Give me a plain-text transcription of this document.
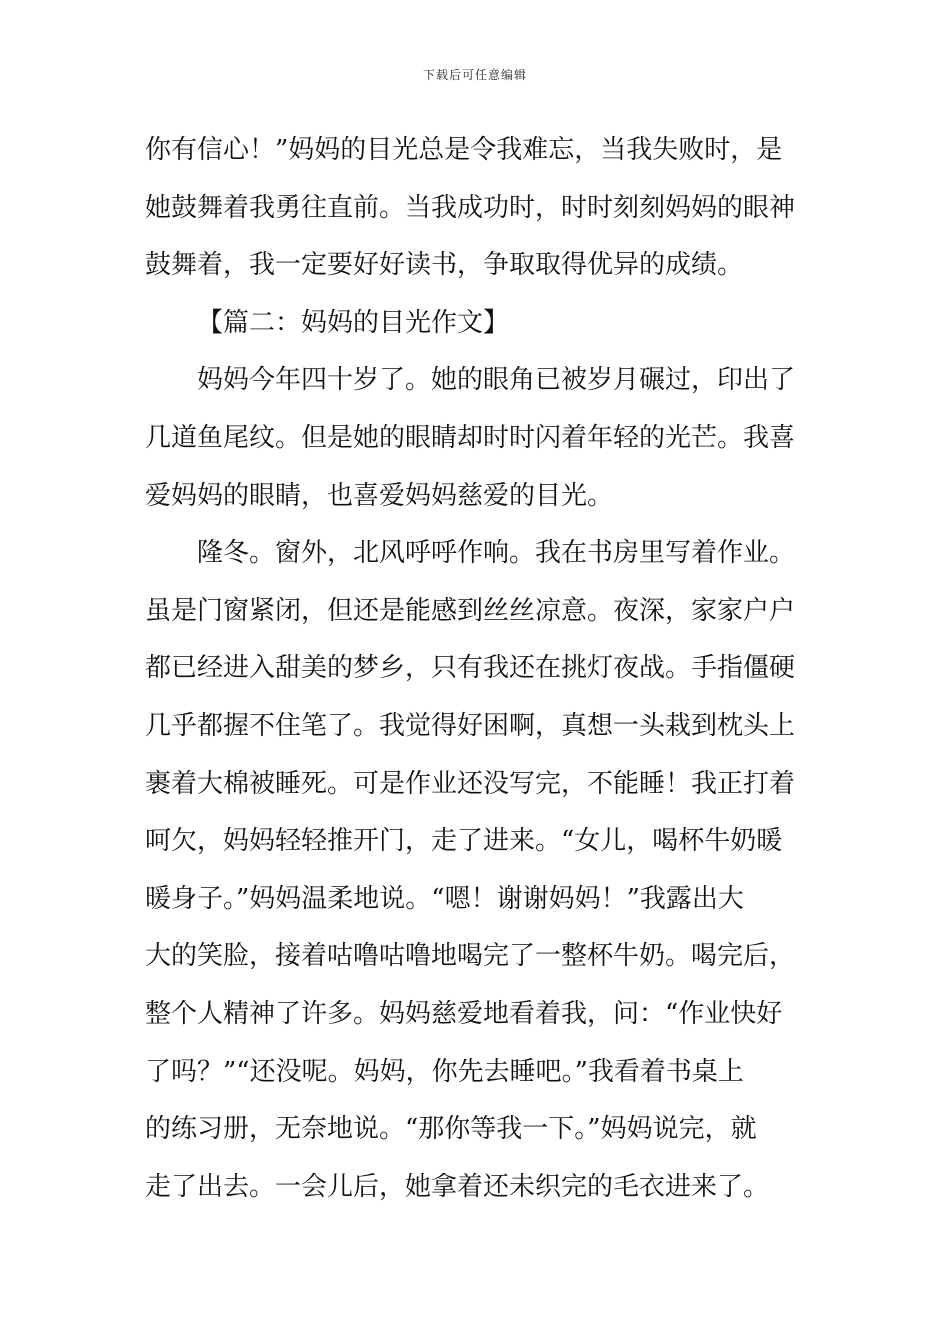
下载后可任意编辑
你有信心！”妈妈的目光总是令我难忘，当我失败时，是
她鼓舞着我勇往直前。当我成功时，时时刻刻妈妈的眼神
鼓舞着，我一定要好好读书，争取取得优异的成绩。
【篇二：妈妈的目光作文】
妈妈今年四十岁了。她的眼角已被岁月碾过，印出了
几道鱼尾纹。但是她的眼睛却时时闪着年轻的光芒。我喜
爱妈妈的眼睛，也喜爱妈妈慈爱的目光。
隆冬。窗外，北风呼呼作响。我在书房里写着作业。
虽是门窗紧闭，但还是能感到丝丝凉意。夜深，家家户户
都已经进入甜美的梦乡，只有我还在挑灯夜战。手指僵硬
几乎都握不住笔了。我觉得好困啊，真想一头栽到枕头上
裹着大棉被睡死。可是作业还没写完，不能睡！我正打着
呵欠，妈妈轻轻推开门，走了进来。“女儿，喝杯牛奶暖
暖身子。”妈妈温柔地说。“嗯！谢谢妈妈！”我露出大
大的笑脸，接着咕噜咕噜地喝完了一整杯牛奶。喝完后，
整个人精神了许多。妈妈慈爱地看着我，问：“作业快好
了吗？”“还没呢。妈妈，你先去睡吧。”我看着书桌上
的练习册，无奈地说。“那你等我一下。”妈妈说完，就
走了出去。一会儿后，她拿着还未织完的毛衣进来了。
